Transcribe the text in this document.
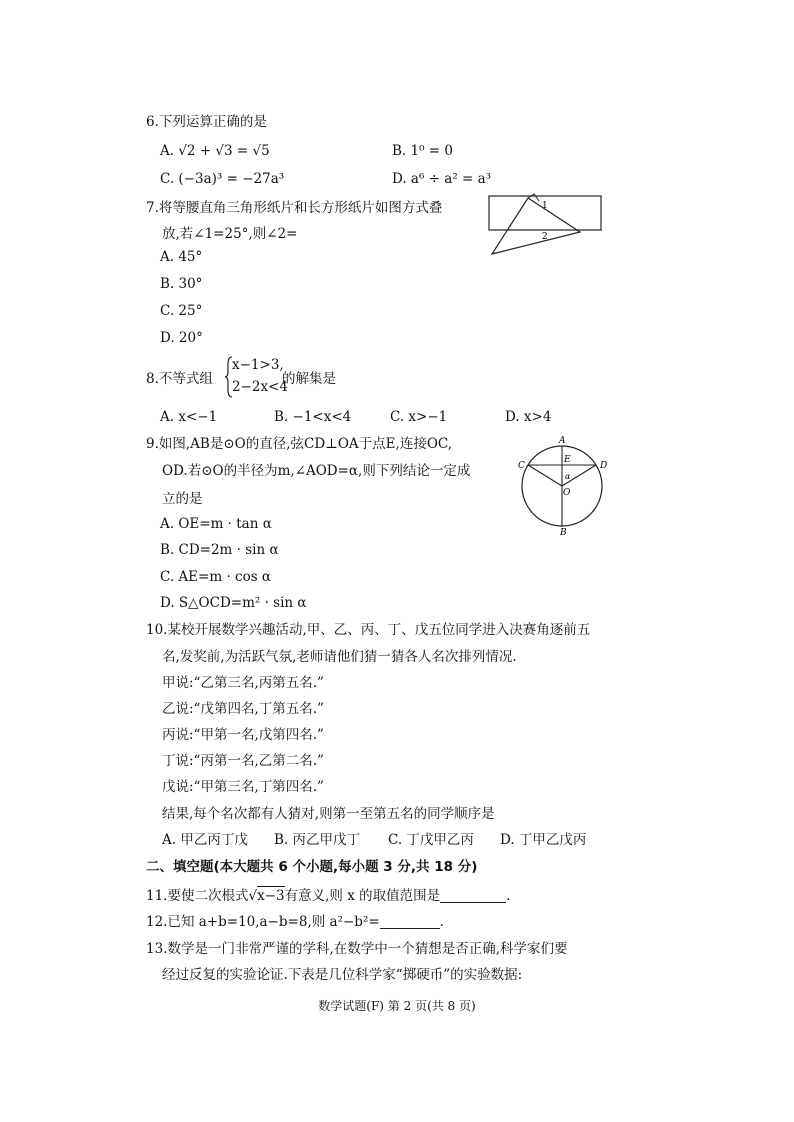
6.下列运算正确的是
A. √2 + √3 = √5	B. 1⁰ = 0
C. (−3a)³ = −27a³	D. a⁶ ÷ a² = a³
7.将等腰直角三角形纸片和长方形纸片如图方式叠
放,若∠1=25°,则∠2=
A. 45°
B. 30°
C. 25°
D. 20°
1
2
8.不等式组
x−1>3,
2−2x<4
的解集是
A. x<−1	B. −1<x<4	C. x>−1	D. x>4
9.如图,AB是⊙O的直径,弦CD⊥OA于点E,连接OC,
OD.若⊙O的半径为m,∠AOD=α,则下列结论一定成
立的是
A. OE=m · tan α
B. CD=2m · sin α
C. AE=m · cos α
D. S△OCD=m² · sin α
A
B
C	D
E
O
α
10.某校开展数学兴趣活动,甲、乙、丙、丁、戊五位同学进入决赛角逐前五
名,发奖前,为活跃气氛,老师请他们猜一猜各人名次排列情况.
甲说:“乙第三名,丙第五名.”
乙说:“戊第四名,丁第五名.”
丙说:“甲第一名,戊第四名.”
丁说:“丙第一名,乙第二名.”
戊说:“甲第三名,丁第四名.”
结果,每个名次都有人猜对,则第一至第五名的同学顺序是
A. 甲乙丙丁戊 B. 丙乙甲戊丁 C. 丁戊甲乙丙 D. 丁甲乙戊丙
二、填空题(本大题共 6 个小题,每小题 3 分,共 18 分)
11.要使二次根式√x−3有意义,则 x 的取值范围是	.
12.已知 a+b=10,a−b=8,则 a²−b²=	.
13.数学是一门非常严谨的学科,在数学中一个猜想是否正确,科学家们要
经过反复的实验论证.下表是几位科学家“掷硬币”的实验数据:
数学试题(F) 第 2 页(共 8 页)
